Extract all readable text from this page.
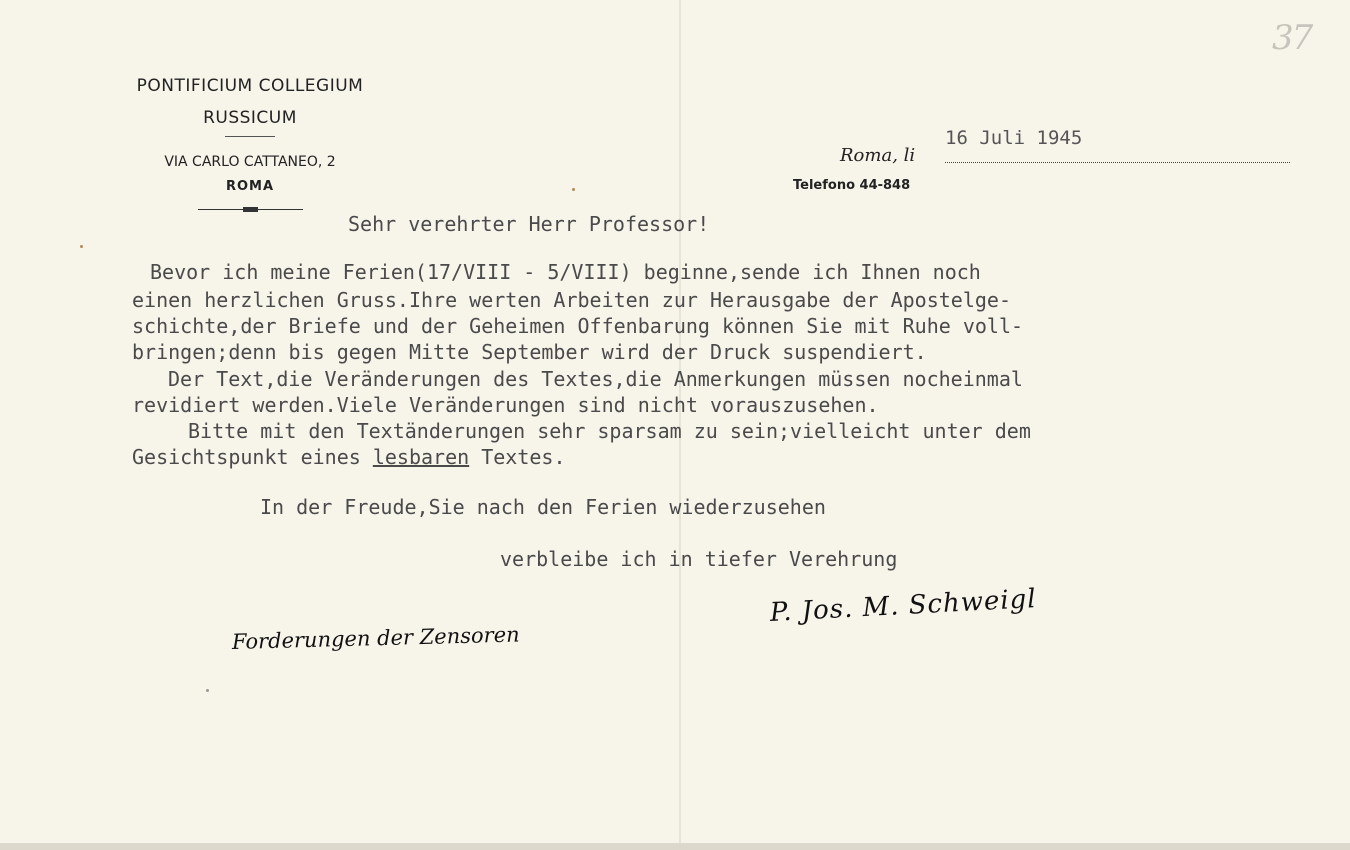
37
PONTIFICIUM COLLEGIUM
RUSSICUM
VIA CARLO CATTANEO, 2
ROMA
16 Juli 1945
Roma, li
Telefono 44-848
Sehr verehrter Herr Professor!
Bevor ich meine Ferien(17/VIII - 5/VIII) beginne,sende ich Ihnen noch
einen herzlichen Gruss.Ihre werten Arbeiten zur Herausgabe der Apostelge-
schichte,der Briefe und der Geheimen Offenbarung können Sie mit Ruhe voll-
bringen;denn bis gegen Mitte September wird der Druck suspendiert.
Der Text,die Veränderungen des Textes,die Anmerkungen müssen nocheinmal
revidiert werden.Viele Veränderungen sind nicht vorauszusehen.
Bitte mit den Textänderungen sehr sparsam zu sein;vielleicht unter dem
Gesichtspunkt eines lesbaren Textes.
In der Freude,Sie nach den Ferien wiederzusehen
verbleibe ich in tiefer Verehrung
P. Jos. M. Schweigl
Forderungen der Zensoren
